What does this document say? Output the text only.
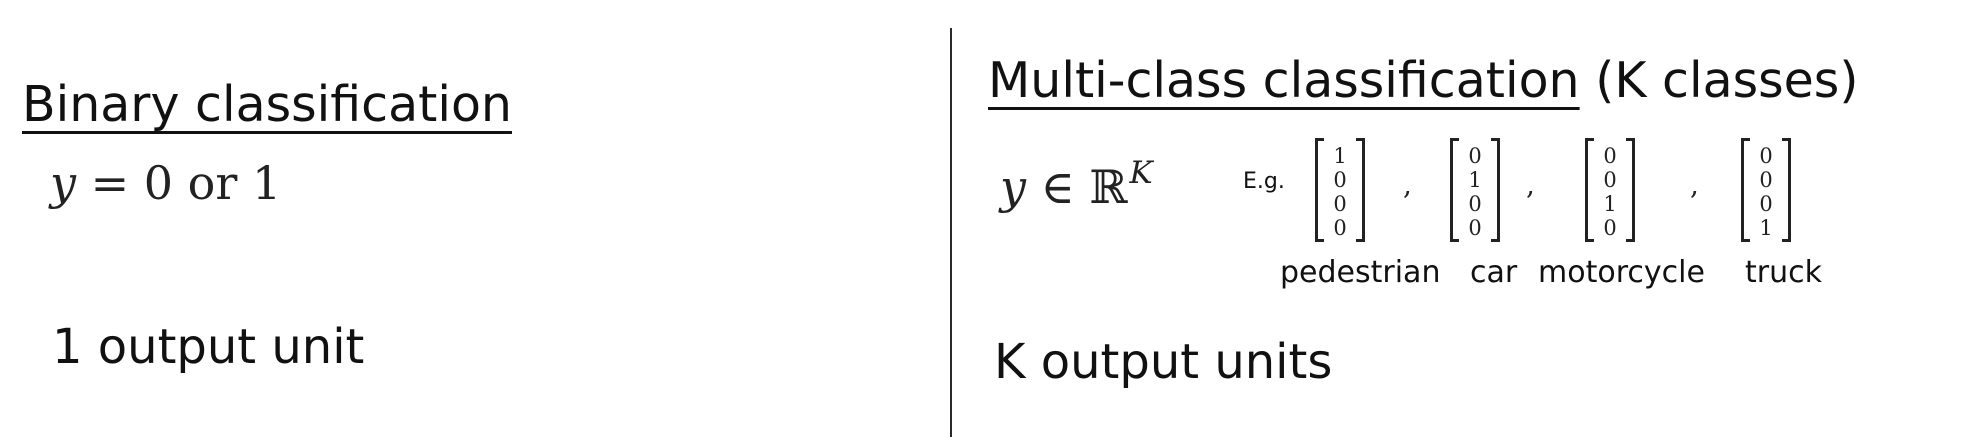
Binary classification
y = 0 or 1
1 output unit
Multi-class classification (K classes)
y ∈ ℝ$^K$	E.g.
1
0
0
0
,
0
1
0
0
,
0
0
1
0
,
0
0
0
1
pedestrian car motorcycle truck
K output units
